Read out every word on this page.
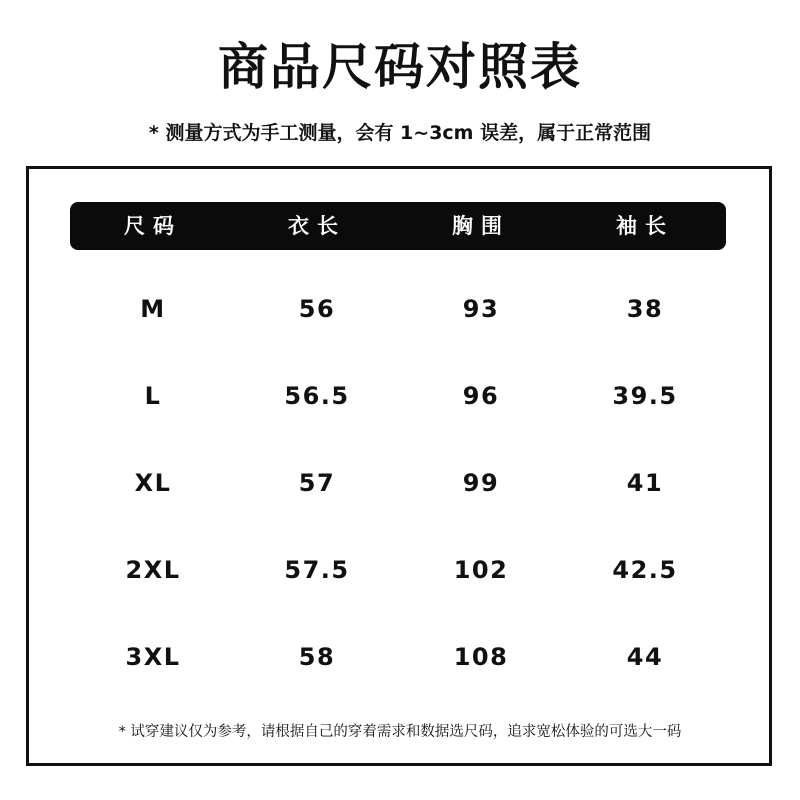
商品尺码对照表
* 测量方式为手工测量，会有 1~3cm 误差，属于正常范围
尺码	衣长	胸围	袖长
M	56	93	38
L	56.5	96	39.5
XL	57	99	41
2XL	57.5	102	42.5
3XL	58	108	44
* 试穿建议仅为参考，请根据自己的穿着需求和数据选尺码，追求宽松体验的可选大一码
